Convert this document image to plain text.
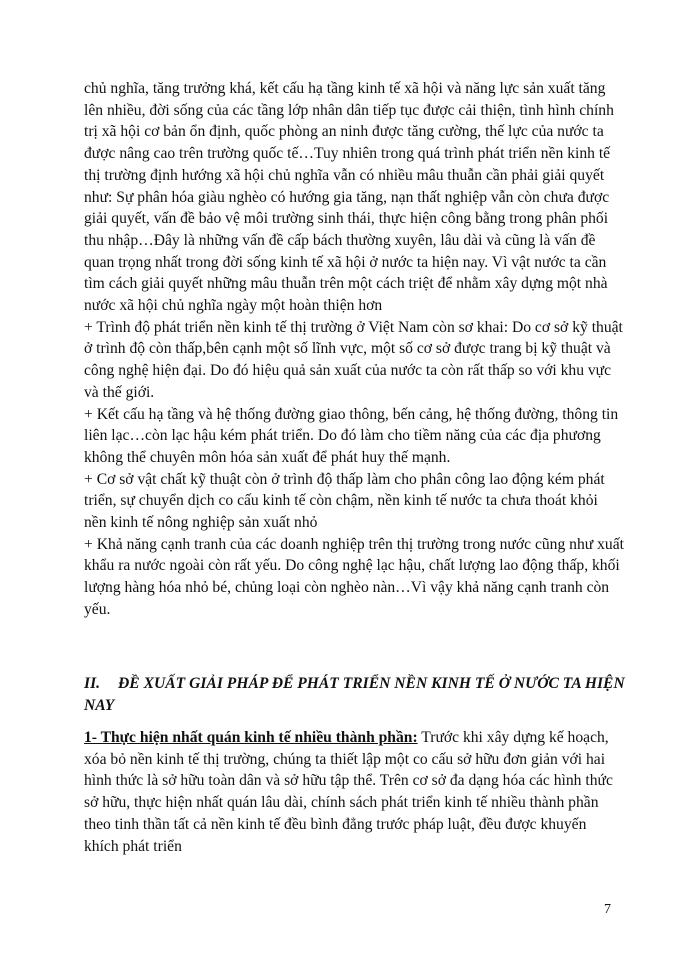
chủ nghĩa, tăng trưởng khá, kết cấu hạ tầng kinh tế xã hội và năng lực sản xuất tăng lên nhiều, đời sống của các tầng lớp nhân dân tiếp tục được cải thiện, tình hình chính trị xã hội cơ bản ổn định, quốc phòng an ninh được tăng cường, thế lực của nước ta được nâng cao trên trường quốc tế…Tuy nhiên trong quá trình phát triển nền kinh tế thị trường định hướng xã hội chủ nghĩa vẫn có nhiều mâu thuẫn cần phải giải quyết như: Sự phân hóa giàu nghèo có hướng gia tăng, nạn thất nghiệp vẫn còn chưa được giải quyết, vấn đề bảo vệ môi trường sinh thái, thực hiện công bằng trong phân phối thu nhập…Đây là những vấn đề cấp bách thường xuyên, lâu dài và cũng là vấn đề quan trọng nhất trong đời sống kinh tế xã hội ở nước ta hiện nay. Vì vật nước ta cần tìm cách giải quyết những mâu thuẫn trên một cách triệt để nhằm xây dựng một nhà nước xã hội chủ nghĩa ngày một hoàn thiện hơn

+ Trình độ phát triển nền kinh tế thị trường ở Việt Nam còn sơ khai: Do cơ sở kỹ thuật ở trình độ còn thấp,bên cạnh một số lĩnh vực, một số cơ sở được trang bị kỹ thuật và công nghệ hiện đại. Do đó hiệu quả sản xuất của nước ta còn rất thấp so với khu vực và thế giới.

+ Kết cấu hạ tầng và hệ thống đường giao thông, bến cảng, hệ thống đường, thông tin liên lạc…còn lạc hậu kém phát triển. Do đó làm cho tiềm năng của các địa phương không thể chuyên môn hóa sản xuất để phát huy thế mạnh.

+ Cơ sở vật chất kỹ thuật còn ở trình độ thấp làm cho phân công lao động kém phát triển, sự chuyển dịch co cấu kinh tế còn chậm, nền kinh tế nước ta chưa thoát khỏi nền kinh tế nông nghiệp sản xuất nhỏ

+ Khả năng cạnh tranh của các doanh nghiệp trên thị trường trong nước cũng như xuất khẩu ra nước ngoài còn rất yếu. Do công nghệ lạc hậu, chất lượng lao động thấp, khối lượng hàng hóa nhỏ bé, chủng loại còn nghèo nàn…Vì vậy khả năng cạnh tranh còn yếu.

II. ĐỀ XUẤT GIẢI PHÁP ĐỂ PHÁT TRIỂN NỀN KINH TẾ Ở NƯỚC TA HIỆN NAY
1- Thực hiện nhất quán kinh tế nhiều thành phần: Trước khi xây dựng kế hoạch, xóa bỏ nền kinh tế thị trường, chúng ta thiết lập một co cấu sở hữu đơn giản với hai hình thức là sở hữu toàn dân và sở hữu tập thể. Trên cơ sở đa dạng hóa các hình thức sở hữu, thực hiện nhất quán lâu dài, chính sách phát triển kinh tế nhiều thành phần theo tinh thần tất cả nền kinh tế đều bình đẳng trước pháp luật, đều được khuyến khích phát triển
7
